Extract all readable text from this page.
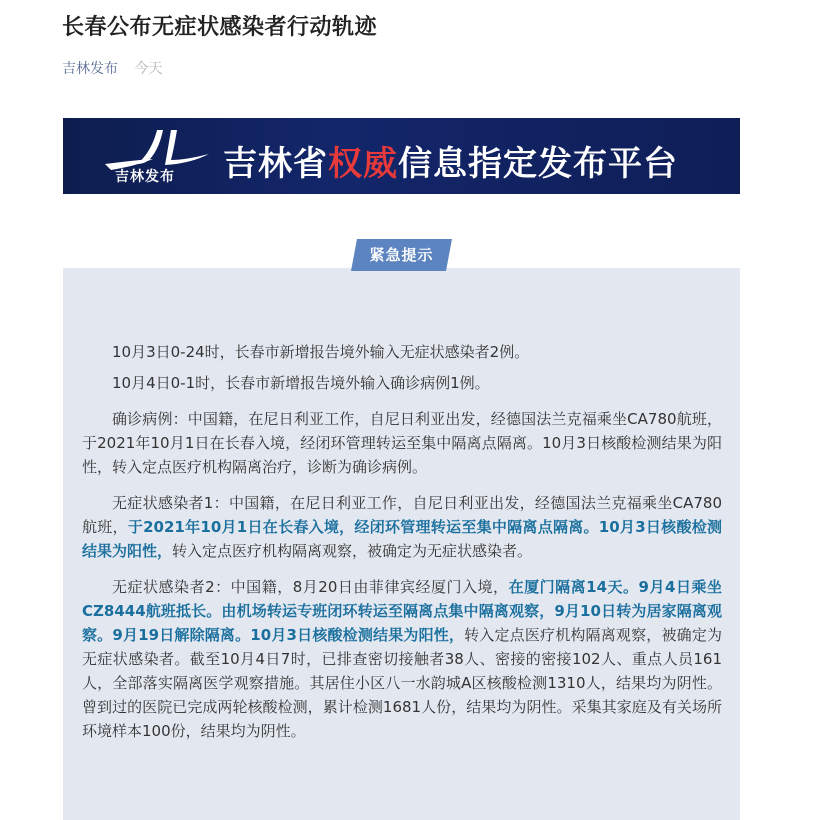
长春公布无症状感染者行动轨迹
吉林发布 今天
吉林发布 吉林省权威信息指定发布平台
紧急提示

10月3日0-24时，长春市新增报告境外输入无症状感染者2例。

10月4日0-1时，长春市新增报告境外输入确诊病例1例。

确诊病例：中国籍，在尼日利亚工作，自尼日利亚出发，经德国法兰克福乘坐CA780航班，于2021年10月1日在长春入境，经闭环管理转运至集中隔离点隔离。10月3日核酸检测结果为阳性，转入定点医疗机构隔离治疗，诊断为确诊病例。

无症状感染者1：中国籍，在尼日利亚工作，自尼日利亚出发，经德国法兰克福乘坐CA780航班，于2021年10月1日在长春入境，经闭环管理转运至集中隔离点隔离。10月3日核酸检测结果为阳性，转入定点医疗机构隔离观察，被确定为无症状感染者。

无症状感染者2：中国籍，8月20日由菲律宾经厦门入境，在厦门隔离14天。9月4日乘坐CZ8444航班抵长。由机场转运专班闭环转运至隔离点集中隔离观察，9月10日转为居家隔离观察。9月19日解除隔离。10月3日核酸检测结果为阳性，转入定点医疗机构隔离观察，被确定为无症状感染者。截至10月4日7时，已排查密切接触者38人、密接的密接102人、重点人员161人，全部落实隔离医学观察措施。其居住小区八一水韵城A区核酸检测1310人，结果均为阴性。曾到过的医院已完成两轮核酸检测，累计检测1681人份，结果均为阴性。采集其家庭及有关场所环境样本100份，结果均为阴性。
